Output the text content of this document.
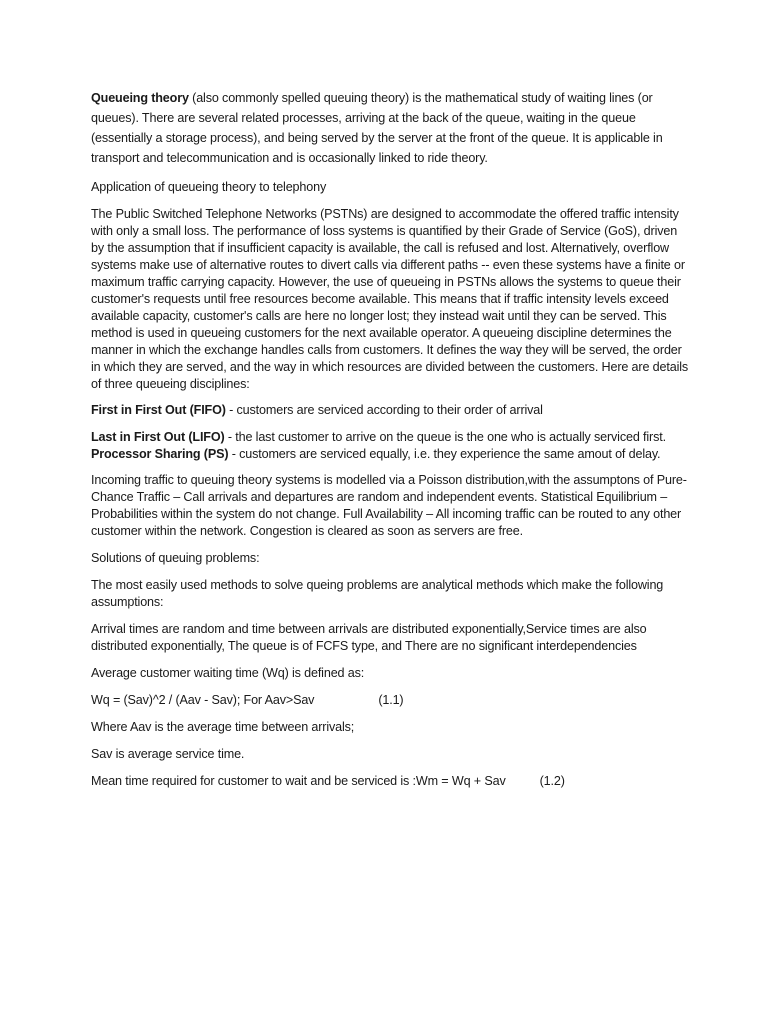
Queueing theory (also commonly spelled queuing theory) is the mathematical study of waiting lines (or queues). There are several related processes, arriving at the back of the queue, waiting in the queue (essentially a storage process), and being served by the server at the front of the queue. It is applicable in transport and telecommunication and is occasionally linked to ride theory.

Application of queueing theory to telephony

The Public Switched Telephone Networks (PSTNs) are designed to accommodate the offered traffic intensity with only a small loss. The performance of loss systems is quantified by their Grade of Service (GoS), driven by the assumption that if insufficient capacity is available, the call is refused and lost. Alternatively, overflow systems make use of alternative routes to divert calls via different paths -- even these systems have a finite or maximum traffic carrying capacity. However, the use of queueing in PSTNs allows the systems to queue their customer's requests until free resources become available. This means that if traffic intensity levels exceed available capacity, customer's calls are here no longer lost; they instead wait until they can be served. This method is used in queueing customers for the next available operator. A queueing discipline determines the manner in which the exchange handles calls from customers. It defines the way they will be served, the order in which they are served, and the way in which resources are divided between the customers. Here are details of three queueing disciplines:

First in First Out (FIFO) - customers are serviced according to their order of arrival

Last in First Out (LIFO) - the last customer to arrive on the queue is the one who is actually serviced first.

Processor Sharing (PS) - customers are serviced equally, i.e. they experience the same amout of delay.

Incoming traffic to queuing theory systems is modelled via a Poisson distribution,with the assumptons of Pure-Chance Traffic – Call arrivals and departures are random and independent events. Statistical Equilibrium – Probabilities within the system do not change. Full Availability – All incoming traffic can be routed to any other customer within the network. Congestion is cleared as soon as servers are free.

Solutions of queuing problems:

The most easily used methods to solve queing problems are analytical methods which make the following assumptions:

Arrival times are random and time between arrivals are distributed exponentially,Service times are also distributed exponentially, The queue is of FCFS type, and There are no significant interdependencies

Average customer waiting time (Wq) is defined as:

Wq = (Sav)^2 / (Aav - Sav); For Aav>Sav	(1.1)

Where Aav is the average time between arrivals;

Sav is average service time.

Mean time required for customer to wait and be serviced is :Wm = Wq + Sav	(1.2)
